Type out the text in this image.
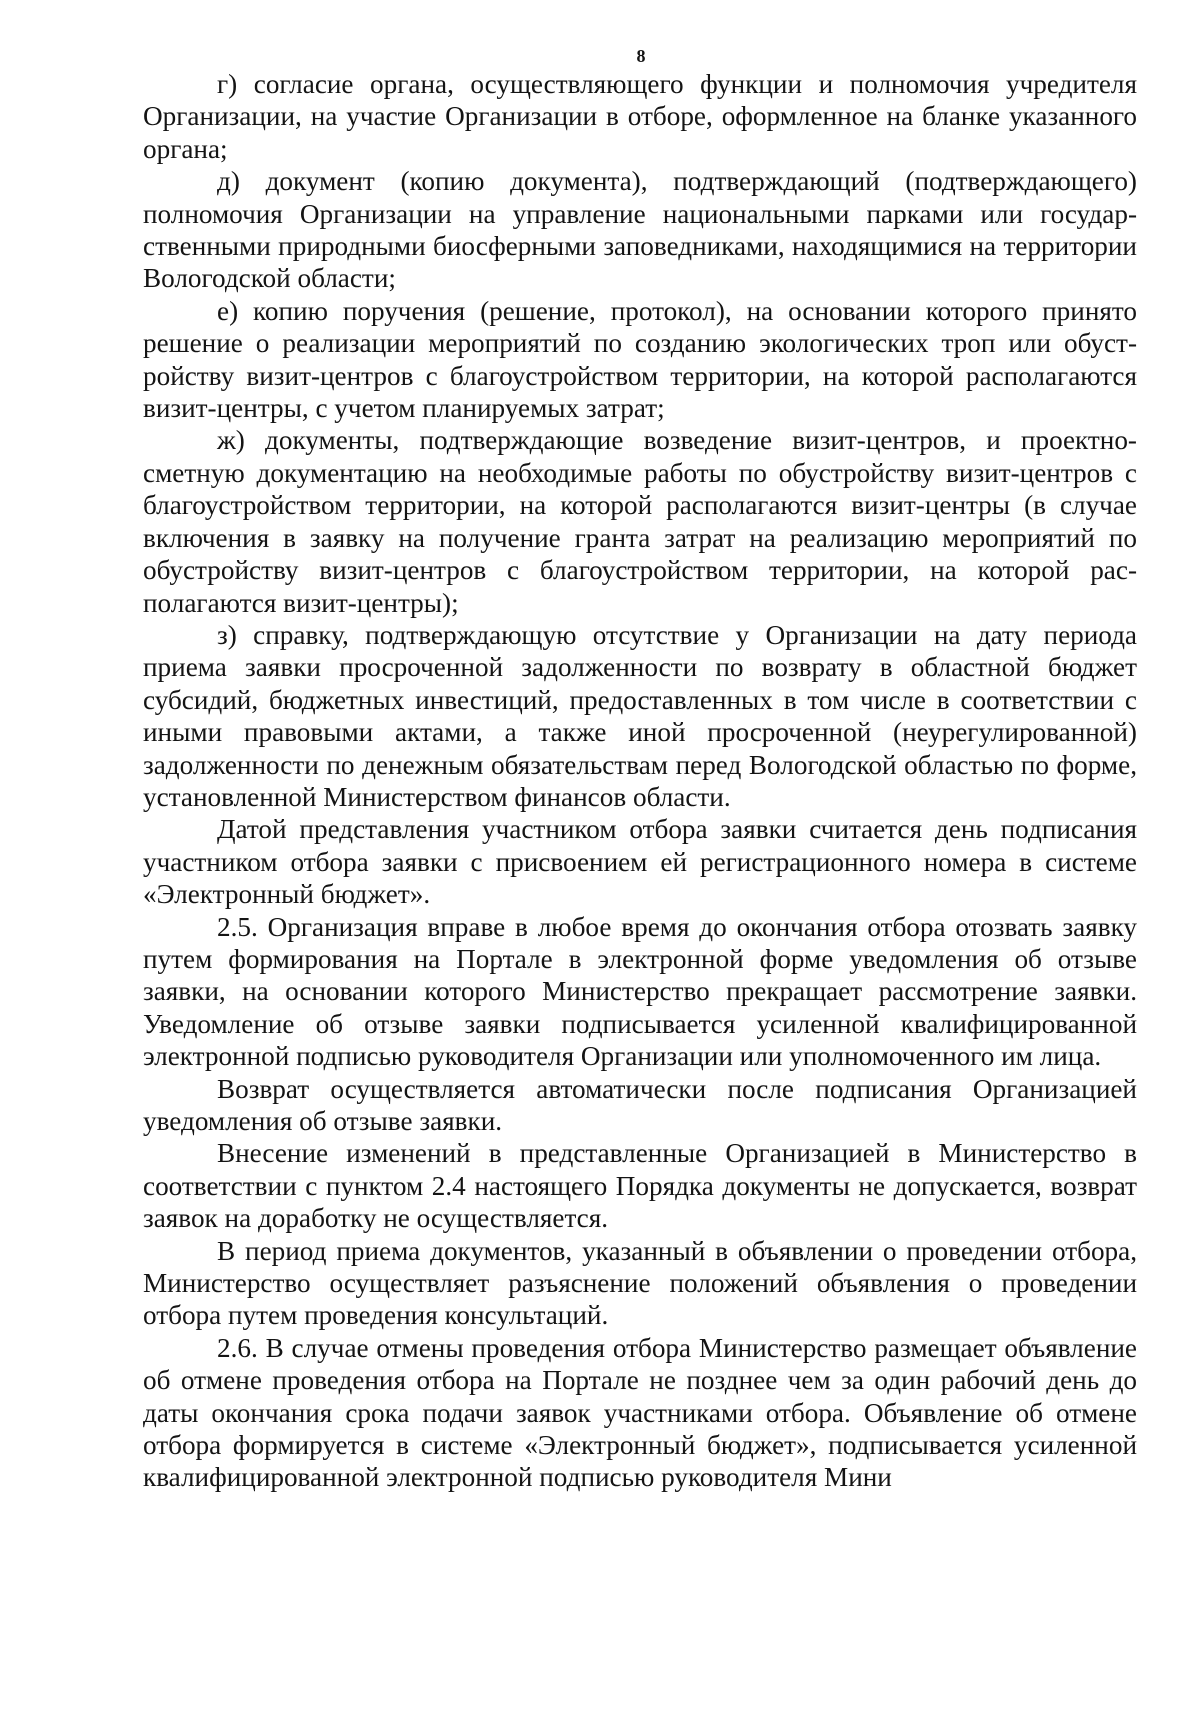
8

г) согласие органа, осуществляющего функции и полномочия учредителя Организации, на участие Организации в отборе, оформленное на бланке указанного органа;

д) документ (копию документа), подтверждающий (подтверждающего) полномочия Организации на управление национальными парками или государственными природными биосферными заповедниками, находящимися на территории Вологодской области;

е) копию поручения (решение, протокол), на основании которого принято решение о реализации мероприятий по созданию экологических троп или обустройству визит-центров с благоустройством территории, на которой располагаются визит-центры, с учетом планируемых затрат;

ж) документы, подтверждающие возведение визит-центров, и проектно-сметную документацию на необходимые работы по обустройству визит-центров с благоустройством территории, на которой располагаются визит-центры (в случае включения в заявку на получение гранта затрат на реализацию мероприятий по обустройству визит-центров с благоустройством территории, на которой располагаются визит-центры);

з) справку, подтверждающую отсутствие у Организации на дату периода приема заявки просроченной задолженности по возврату в областной бюджет субсидий, бюджетных инвестиций, предоставленных в том числе в соответствии с иными правовыми актами, а также иной просроченной (неурегулированной) задолженности по денежным обязательствам перед Вологодской областью по форме, установленной Министерством финансов области.

Датой представления участником отбора заявки считается день подписания участником отбора заявки с присвоением ей регистрационного номера в системе «Электронный бюджет».

2.5. Организация вправе в любое время до окончания отбора отозвать заявку путем формирования на Портале в электронной форме уведомления об отзыве заявки, на основании которого Министерство прекращает рассмотрение заявки. Уведомление об отзыве заявки подписывается усиленной квалифицированной электронной подписью руководителя Организации или уполномоченного им лица.

Возврат осуществляется автоматически после подписания Организацией уведомления об отзыве заявки.

Внесение изменений в представленные Организацией в Министерство в соответствии с пунктом 2.4 настоящего Порядка документы не допускается, возврат заявок на доработку не осуществляется.

В период приема документов, указанный в объявлении о проведении отбора, Министерство осуществляет разъяснение положений объявления о проведении отбора путем проведения консультаций.

2.6. В случае отмены проведения отбора Министерство размещает объявление об отмене проведения отбора на Портале не позднее чем за один рабочий день до даты окончания срока подачи заявок участниками отбора. Объявление об отмене отбора формируется в системе «Электронный бюджет», подписывается усиленной квалифицированной электронной подписью руководителя Мини
